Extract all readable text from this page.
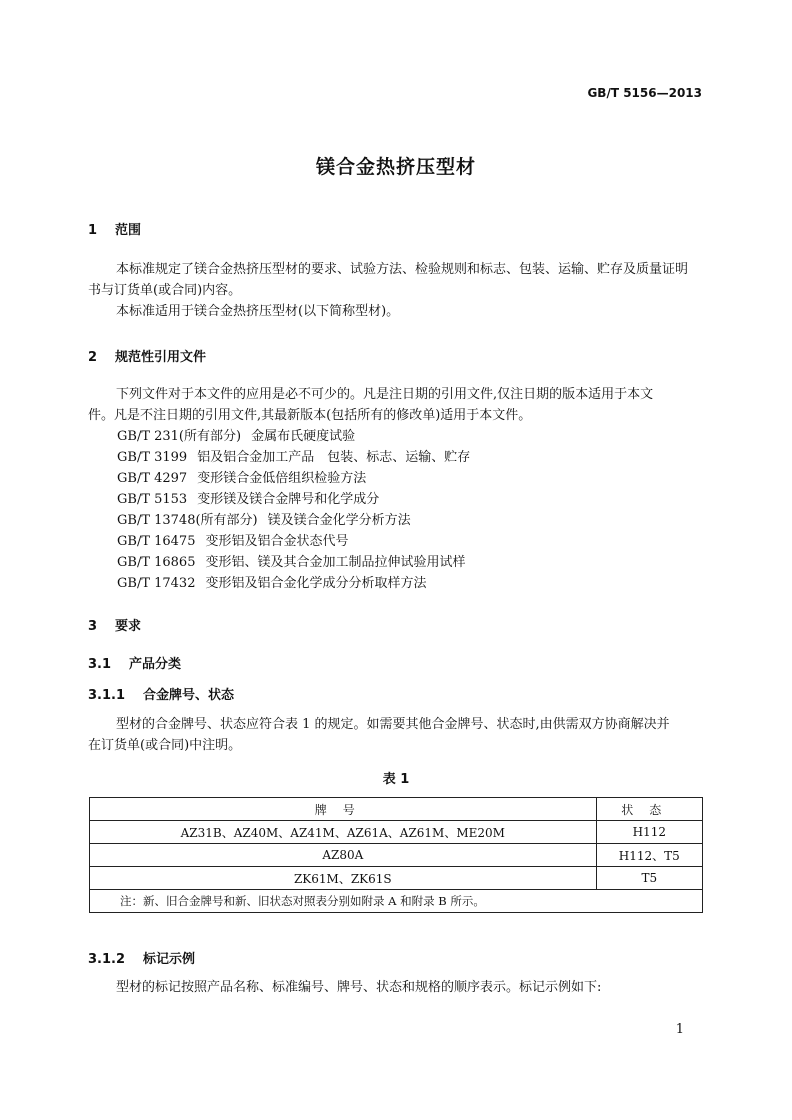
GB/T 5156—2013
镁合金热挤压型材
1 范围
本标准规定了镁合金热挤压型材的要求、试验方法、检验规则和标志、包装、运输、贮存及质量证明
书与订货单(或合同)内容。
本标准适用于镁合金热挤压型材(以下简称型材)。
2 规范性引用文件
下列文件对于本文件的应用是必不可少的。凡是注日期的引用文件,仅注日期的版本适用于本文
件。凡是不注日期的引用文件,其最新版本(包括所有的修改单)适用于本文件。
GB/T 231(所有部分) 金属布氏硬度试验
GB/T 3199 铝及铝合金加工产品　包装、标志、运输、贮存
GB/T 4297 变形镁合金低倍组织检验方法
GB/T 5153 变形镁及镁合金牌号和化学成分
GB/T 13748(所有部分) 镁及镁合金化学分析方法
GB/T 16475 变形铝及铝合金状态代号
GB/T 16865 变形铝、镁及其合金加工制品拉伸试验用试样
GB/T 17432 变形铝及铝合金化学成分分析取样方法
3 要求
3.1 产品分类
3.1.1 合金牌号、状态
型材的合金牌号、状态应符合表 1 的规定。如需要其他合金牌号、状态时,由供需双方协商解决并
在订货单(或合同)中注明。
表 1
牌号	状态
AZ31B、AZ40M、AZ41M、AZ61A、AZ61M、ME20M	H112
AZ80A	H112、T5
ZK61M、ZK61S	T5
注：新、旧合金牌号和新、旧状态对照表分别如附录 A 和附录 B 所示。	
3.1.2 标记示例
型材的标记按照产品名称、标准编号、牌号、状态和规格的顺序表示。标记示例如下:
1
